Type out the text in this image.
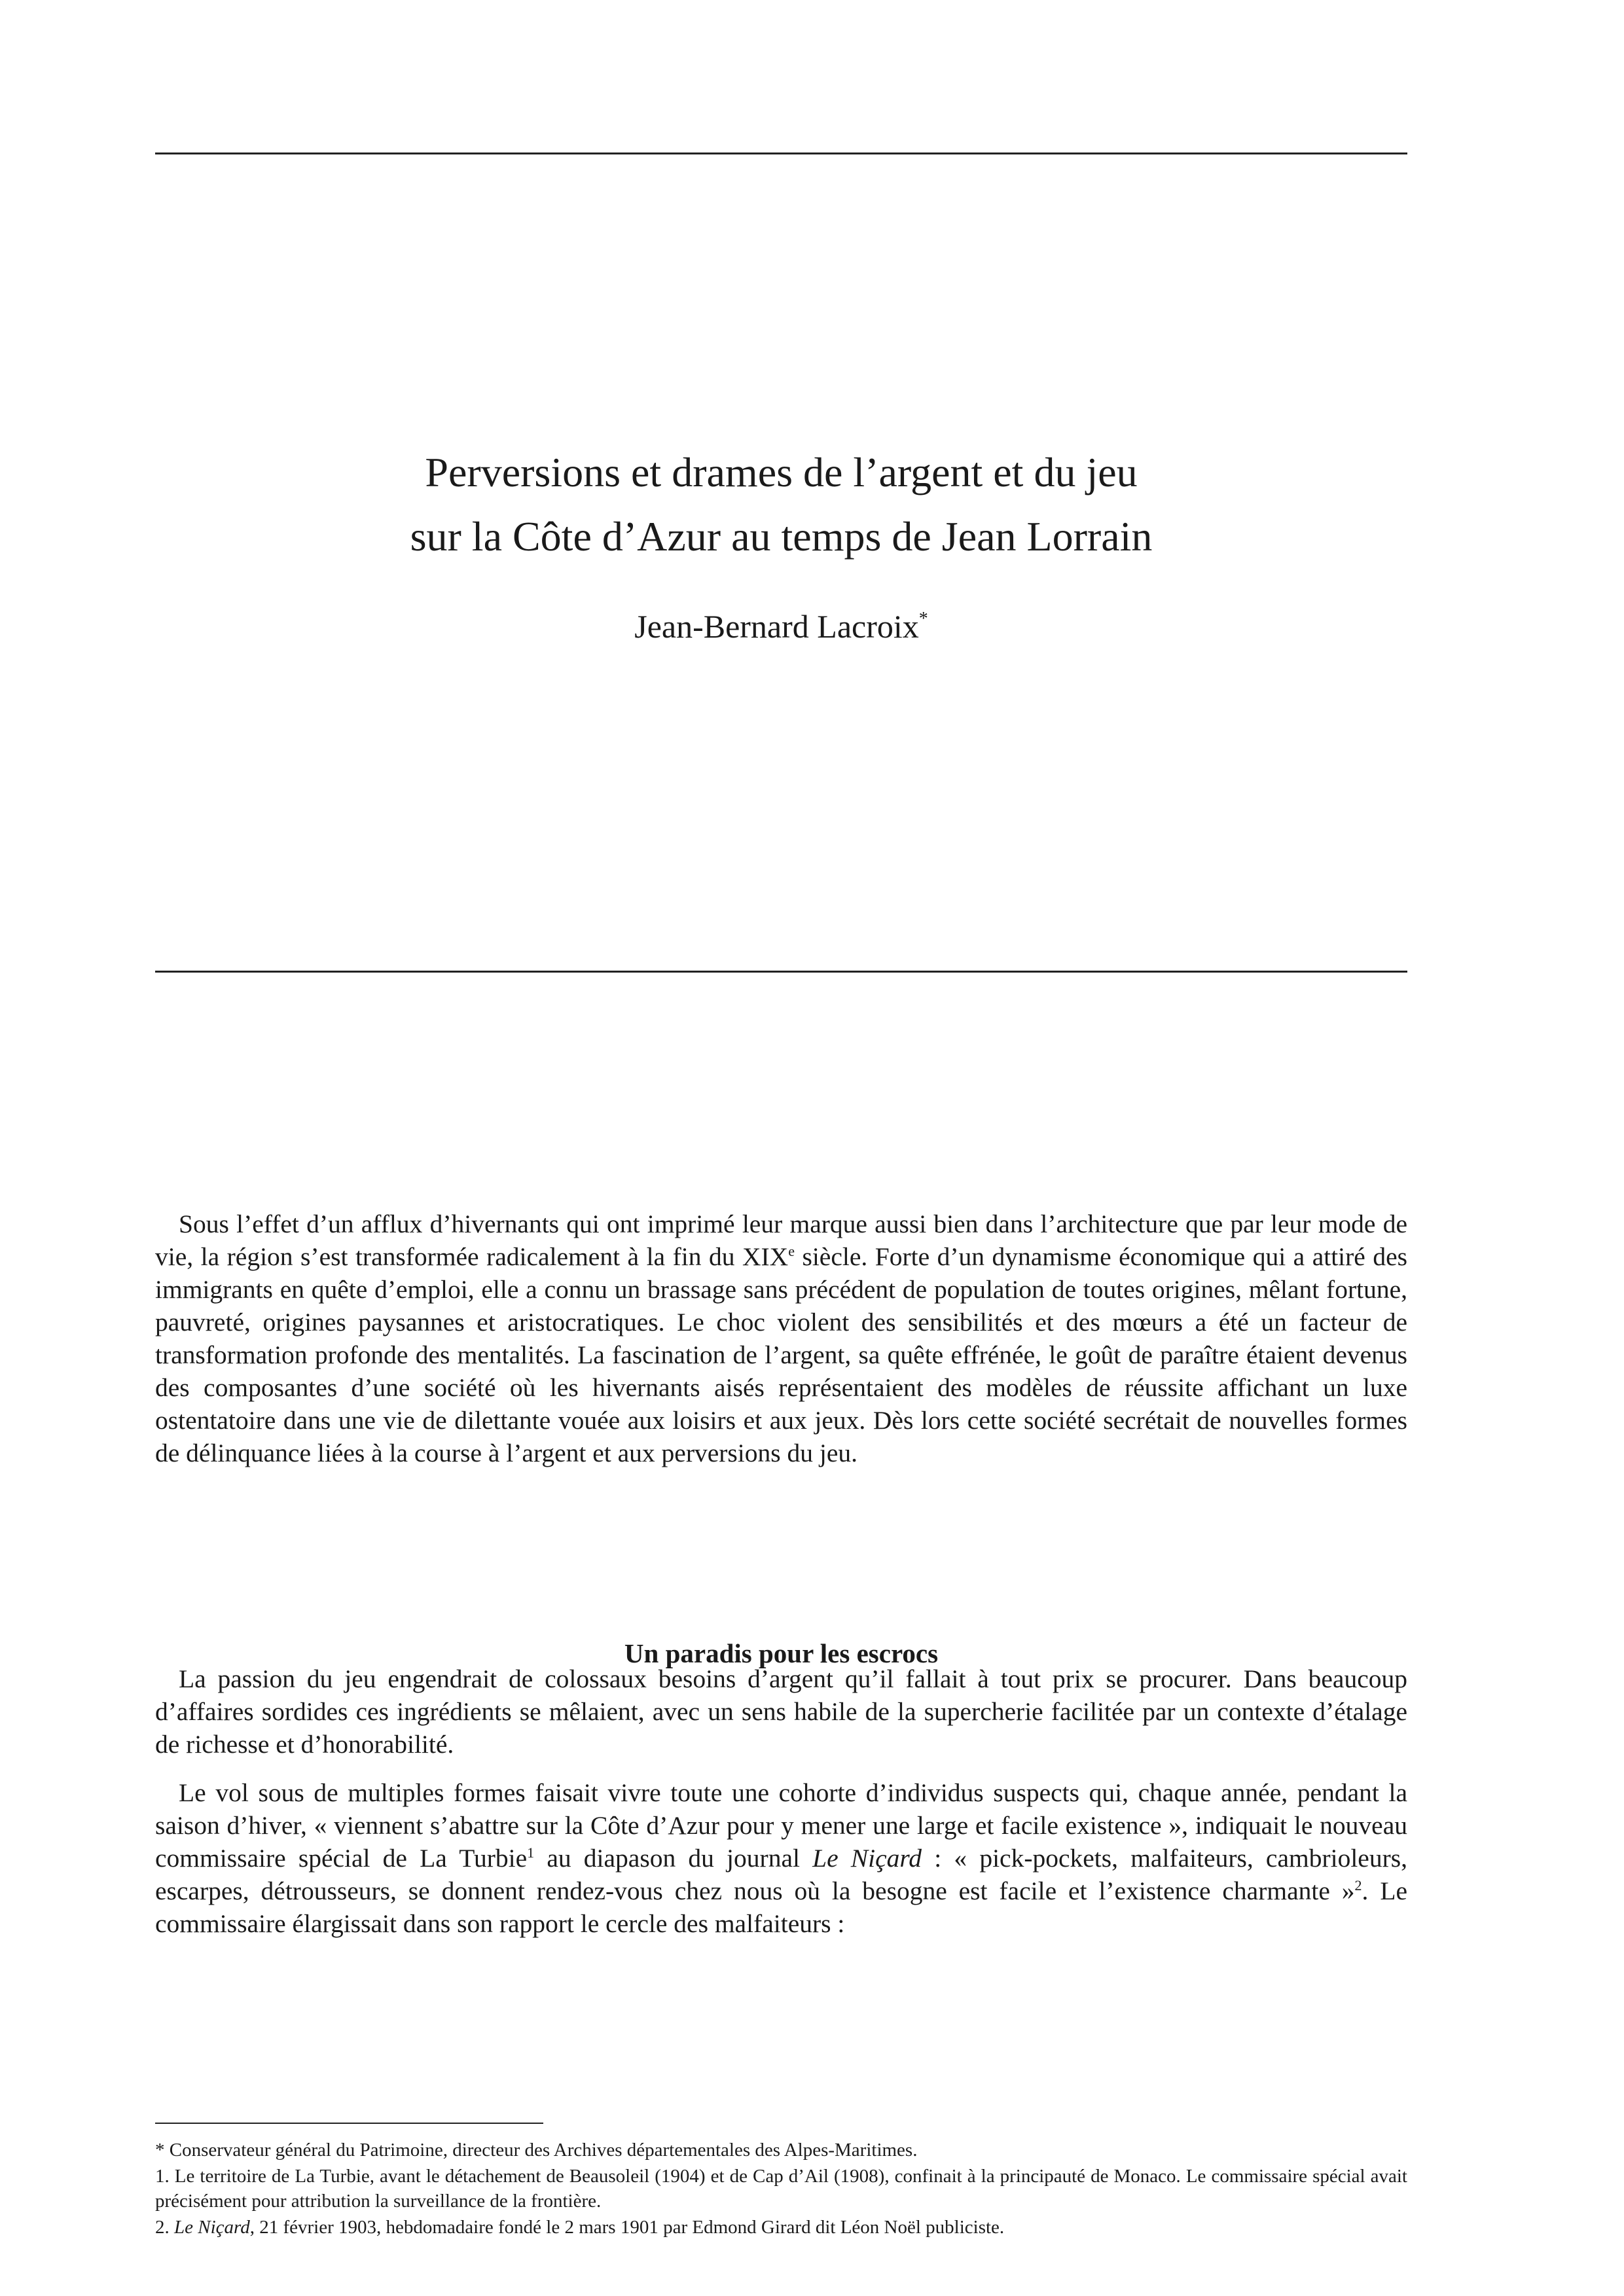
Perversions et drames de l’argent et du jeu
sur la Côte d’Azur au temps de Jean Lorrain
Jean-Bernard Lacroix*

Sous l’effet d’un afflux d’hivernants qui ont imprimé leur marque aussi bien dans l’architecture que par leur mode de vie, la région s’est transformée radicalement à la fin du XIXe siècle. Forte d’un dynamisme économique qui a attiré des immigrants en quête d’emploi, elle a connu un brassage sans précédent de population de toutes origines, mêlant fortune, pauvreté, origines paysannes et aristocratiques. Le choc violent des sensibilités et des mœurs a été un facteur de transformation profonde des mentalités. La fascination de l’argent, sa quête effrénée, le goût de paraître étaient devenus des composantes d’une société où les hivernants aisés représentaient des modèles de réussite affichant un luxe ostentatoire dans une vie de dilettante vouée aux loisirs et aux jeux. Dès lors cette société secrétait de nouvelles formes de délinquance liées à la course à l’argent et aux perversions du jeu.

Un paradis pour les escrocs

La passion du jeu engendrait de colossaux besoins d’argent qu’il fallait à tout prix se procurer. Dans beaucoup d’affaires sordides ces ingrédients se mêlaient, avec un sens habile de la supercherie facilitée par un contexte d’étalage de richesse et d’honorabilité.

Le vol sous de multiples formes faisait vivre toute une cohorte d’individus suspects qui, chaque année, pendant la saison d’hiver, « viennent s’abattre sur la Côte d’Azur pour y mener une large et facile existence », indiquait le nouveau commissaire spécial de La Turbie$^1$ au diapason du journal Le Niçard : « pick-pockets, malfaiteurs, cambrioleurs, escarpes, détrousseurs, se donnent rendez-vous chez nous où la besogne est facile et l’existence charmante »$^2$. Le commissaire élargissait dans son rapport le cercle des malfaiteurs :

* Conservateur général du Patrimoine, directeur des Archives départementales des Alpes-Maritimes.

1. Le territoire de La Turbie, avant le détachement de Beausoleil (1904) et de Cap d’Ail (1908), confinait à la principauté de Monaco. Le commissaire spécial avait précisément pour attribution la surveillance de la frontière.

2. Le Niçard, 21 février 1903, hebdomadaire fondé le 2 mars 1901 par Edmond Girard dit Léon Noël publiciste.
